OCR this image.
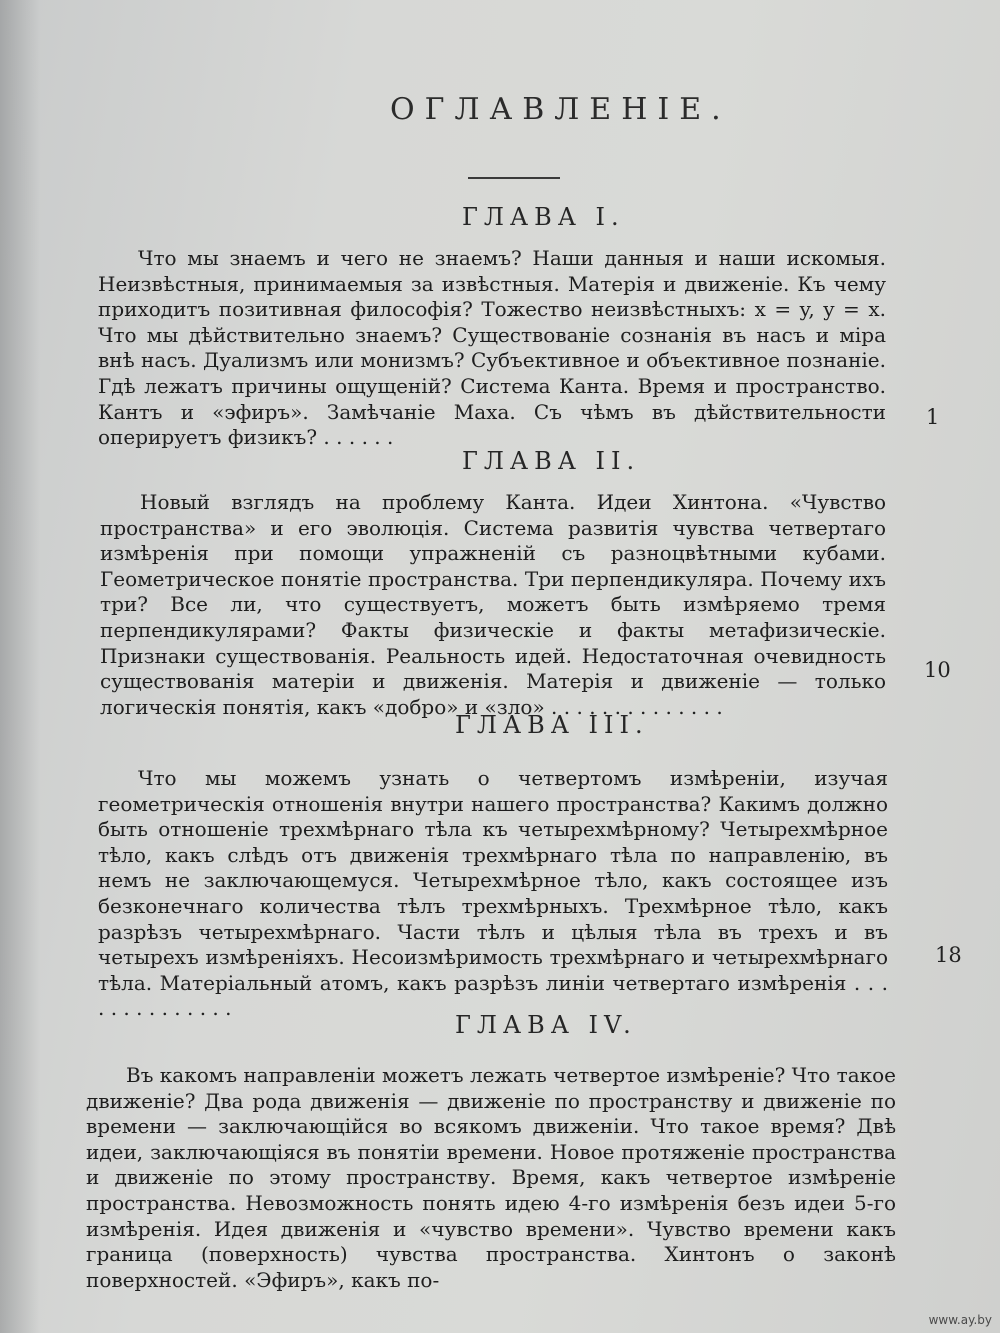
ОГЛАВЛЕНIЕ.
ГЛАВА I.
Что мы знаемъ и чего не знаемъ? Наши данныя и наши искомыя. Неизвѣстныя, принимаемыя за извѣстныя. Матерiя и движенiе. Къ чему приходитъ позитивная философiя? Тожество неизвѣстныхъ: x = y, y = x. Что мы дѣйствительно знаемъ? Существованiе сознанiя въ насъ и мiра внѣ насъ. Дуализмъ или монизмъ? Субъективное и объективное познанiе. Гдѣ лежатъ причины ощущенiй? Система Канта. Время и пространство. Кантъ и «эфиръ». Замѣчанiе Маха. Съ чѣмъ въ дѣйствительности оперируетъ физикъ? . . . . . .
1
ГЛАВА II.
Новый взглядъ на проблему Канта. Идеи Хинтона. «Чувство пространства» и его эволюцiя. Система развитiя чувства четвертаго измѣренiя при помощи упражненiй съ разноцвѣтными кубами. Геометрическое понятiе пространства. Три перпендикуляра. Почему ихъ три? Все ли, что существуетъ, можетъ быть измѣряемо тремя перпендикулярами? Факты физическiе и факты метафизическiе. Признаки существованiя. Реальность идей. Недостаточная очевидность существованiя матерiи и движенiя. Матерiя и движенiе — только логическiя понятiя, какъ «добро» и «зло» . . . . . . . . . . . . . .
10
ГЛАВА III.
Что мы можемъ узнать о четвертомъ измѣренiи, изучая геометрическiя отношенiя внутри нашего пространства? Какимъ должно быть отношенiе трехмѣрнаго тѣла къ четырехмѣрному? Четырехмѣрное тѣло, какъ слѣдъ отъ движенiя трехмѣрнаго тѣла по направленiю, въ немъ не заключающемуся. Четырехмѣрное тѣло, какъ состоящее изъ безконечнаго количества тѣлъ трехмѣрныхъ. Трехмѣрное тѣло, какъ разрѣзъ четырехмѣрнаго. Части тѣлъ и цѣлыя тѣла въ трехъ и въ четырехъ измѣренiяхъ. Несоизмѣримость трехмѣрнаго и четырехмѣрнаго тѣла. Матерiальный атомъ, какъ разрѣзъ линiи четвертаго измѣренiя . . . . . . . . . . . . . .
18
ГЛАВА IV.
Въ какомъ направленiи можетъ лежать четвертое измѣренiе? Что такое движенiе? Два рода движенiя — движенiе по пространству и движенiе по времени — заключающiйся во всякомъ движенiи. Что такое время? Двѣ идеи, заключающiяся въ понятiи времени. Новое протяженiе пространства и движенiе по этому пространству. Время, какъ четвертое измѣренiе пространства. Невозможность понять идею 4-го измѣренiя безъ идеи 5-го измѣренiя. Идея движенiя и «чувство времени». Чувство времени какъ граница (поверхность) чувства пространства. Хинтонъ о законѣ поверхностей. «Эфиръ», какъ по-
www.ay.by
